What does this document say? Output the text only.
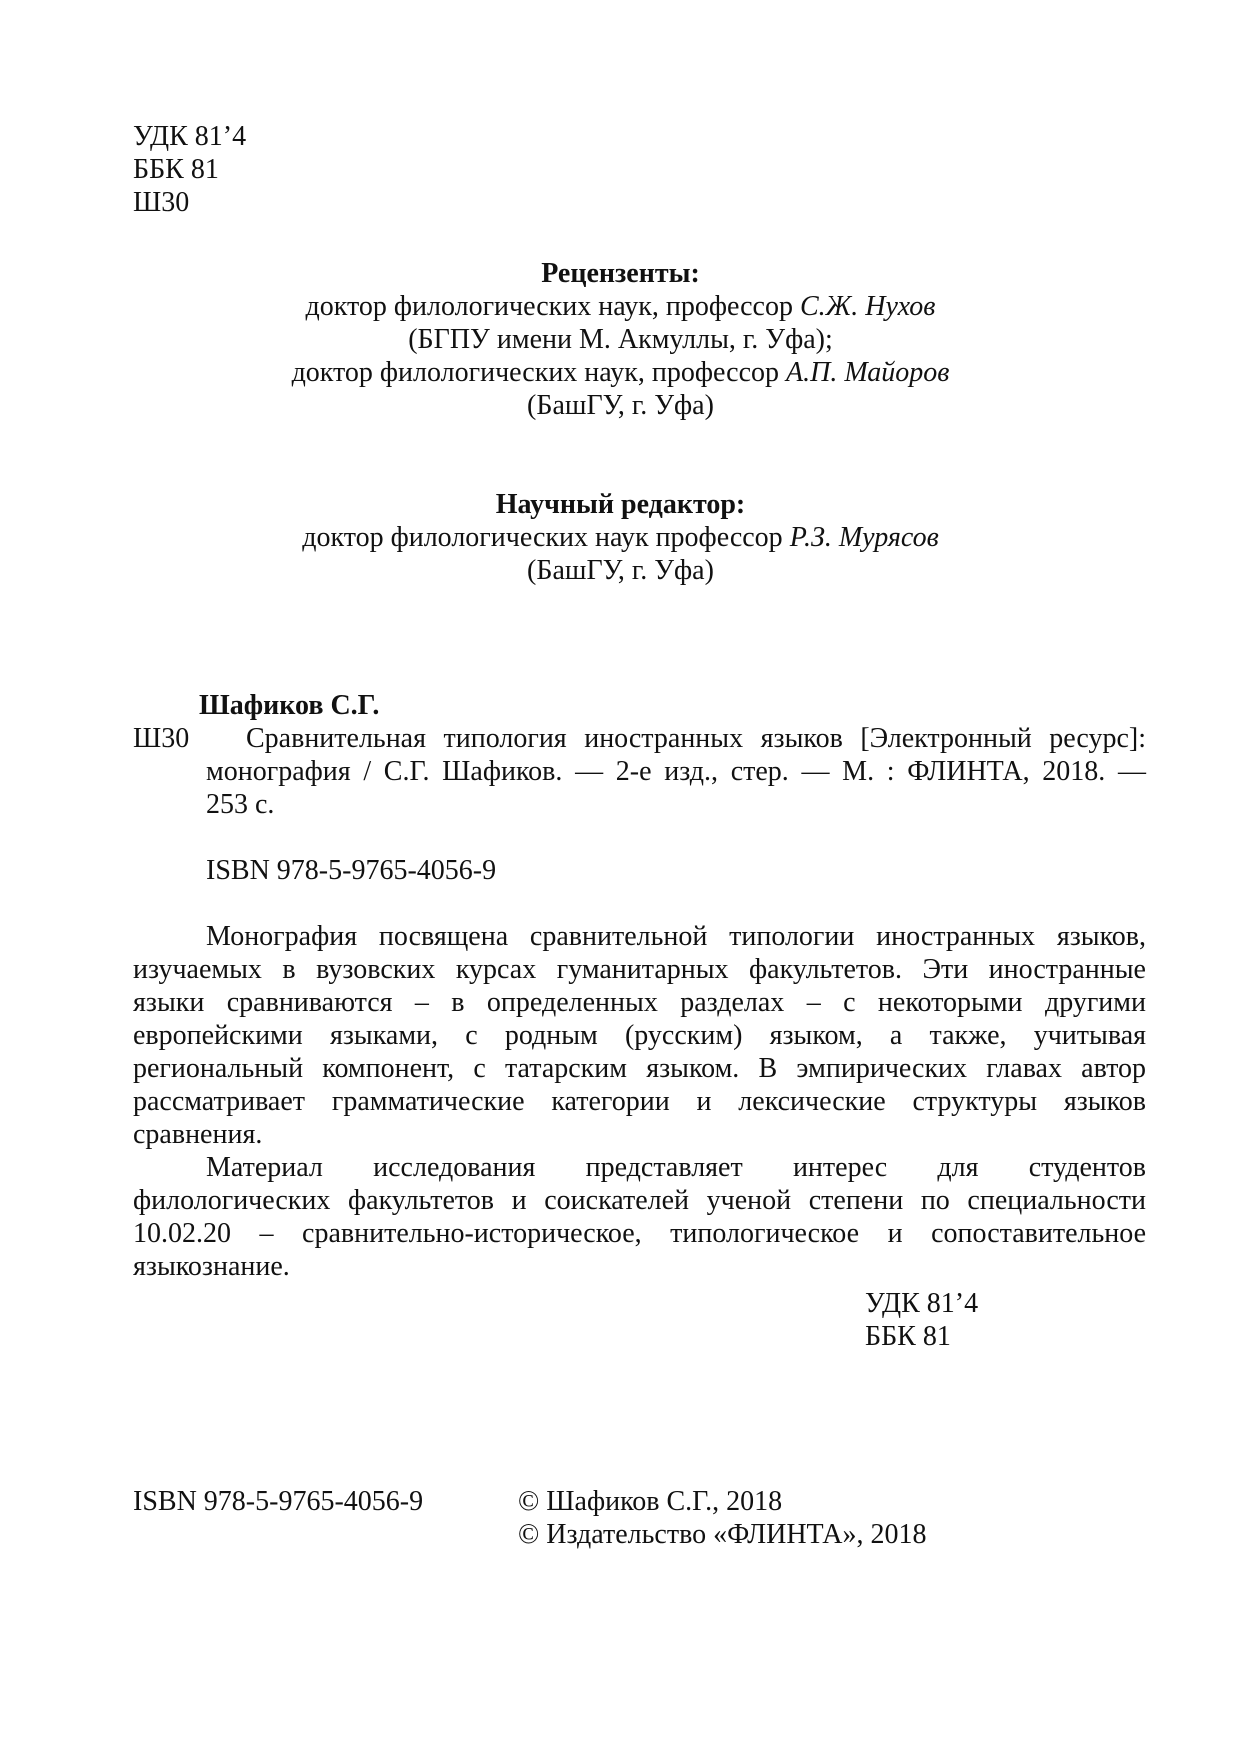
УДК 81’4
ББК 81
Ш30
Рецензенты:
доктор филологических наук, профессор С.Ж. Нухов
(БГПУ имени М. Акмуллы, г. Уфа);
доктор филологических наук, профессор А.П. Майоров
(БашГУ, г. Уфа)
Научный редактор:
доктор филологических наук профессор Р.З. Мурясов
(БашГУ, г. Уфа)
Шафиков С.Г.
Ш30	Сравнительная типология иностранных языков [Электронный ресурс]:
монография / С.Г. Шафиков. — 2-е изд., стер. — М. : ФЛИНТА, 2018. —
253 с.
ISBN 978-5-9765-4056-9
Монография посвящена сравнительной типологии иностранных языков,
изучаемых в вузовских курсах гуманитарных факультетов. Эти иностранные
языки сравниваются – в определенных разделах – с некоторыми другими
европейскими языками, с родным (русским) языком, а также, учитывая
региональный компонент, с татарским языком. В эмпирических главах автор
рассматривает грамматические категории и лексические структуры языков
сравнения.
Материал исследования представляет интерес для студентов
филологических факультетов и соискателей ученой степени по специальности
10.02.20 – сравнительно-историческое, типологическое и сопоставительное
языкознание.
УДК 81’4
ББК 81
ISBN 978-5-9765-4056-9	© Шафиков С.Г., 2018
© Издательство «ФЛИНТА», 2018
